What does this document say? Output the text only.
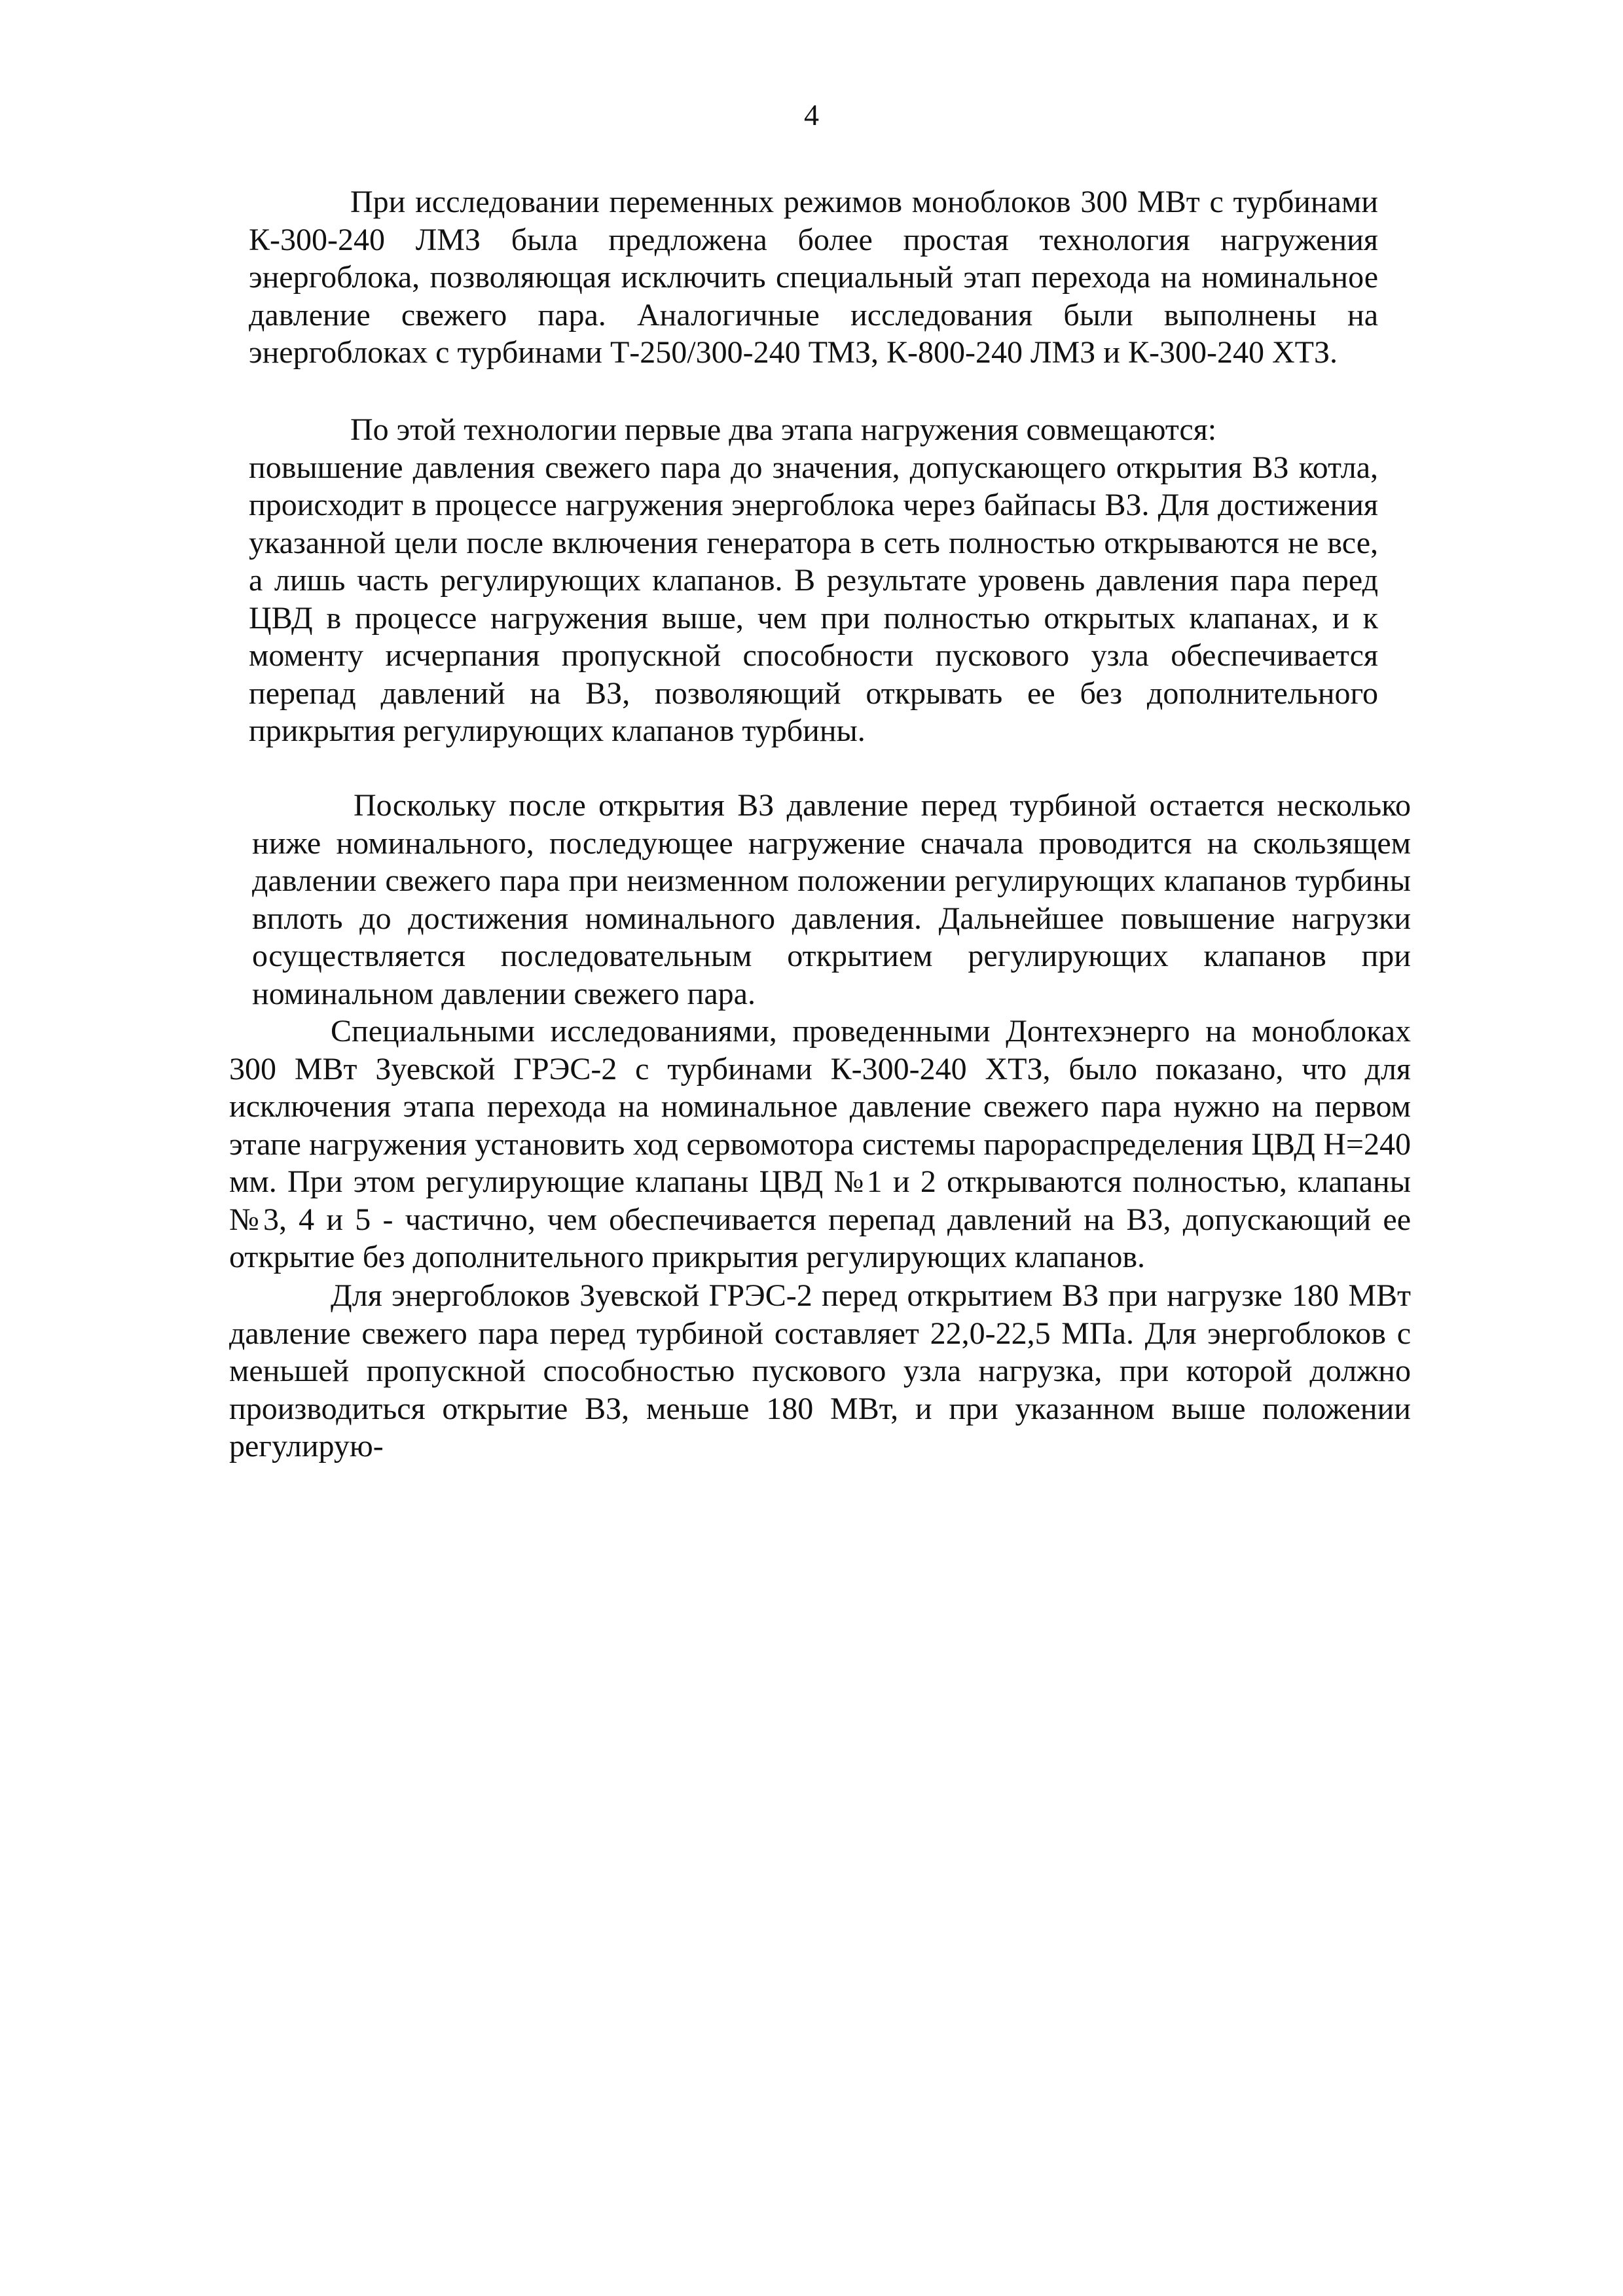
4

При исследовании переменных режимов моноблоков 300 МВт с турбинами К-300-240 ЛМЗ была предложена более простая технология нагружения энергоблока, позволяющая исключить специальный этап перехода на номинальное давление свежего пара. Аналогичные исследования были выполнены на энергоблоках с турбинами Т-250/300-240 ТМЗ, К-800-240 ЛМЗ и К-300-240 ХТЗ.

По этой технологии первые два этапа нагружения совмещаются:

повышение давления свежего пара до значения, допускающего открытия ВЗ котла, происходит в процессе нагружения энергоблока через байпасы ВЗ. Для достижения указанной цели после включения генератора в сеть полностью открываются не все, а лишь часть регулирующих клапанов. В результате уровень давления пара перед ЦВД в процессе нагружения выше, чем при полностью открытых клапанах, и к моменту исчерпания пропускной способности пускового узла обеспечивается перепад давлений на ВЗ, позволяющий открывать ее без дополнительного прикрытия регулирующих клапанов турбины.

Поскольку после открытия ВЗ давление перед турбиной остается несколько ниже номинального, последующее нагружение сначала проводится на скользящем давлении свежего пара при неизменном положении регулирующих клапанов турбины вплоть до достижения номинального давления. Дальнейшее повышение нагрузки осуществляется последовательным открытием регулирующих клапанов при номинальном давлении свежего пара.

Специальными исследованиями, проведенными Донтехэнерго на моноблоках 300 МВт Зуевской ГРЭС-2 с турбинами К-300-240 ХТЗ, было показано, что для исключения этапа перехода на номинальное давление свежего пара нужно на первом этапе нагружения установить ход сервомотора системы парораспределения ЦВД Н=240 мм. При этом регулирующие клапаны ЦВД №1 и 2 открываются полностью, клапаны №3, 4 и 5 - частично, чем обеспечивается перепад давлений на ВЗ, допускающий ее открытие без дополнительного прикрытия регулирующих клапанов.

Для энергоблоков Зуевской ГРЭС-2 перед открытием ВЗ при нагрузке 180 МВт давление свежего пара перед турбиной составляет 22,0-22,5 МПа. Для энергоблоков с меньшей пропускной способностью пускового узла нагрузка, при которой должно производиться открытие ВЗ, меньше 180 МВт, и при указанном выше положении регулирую-
